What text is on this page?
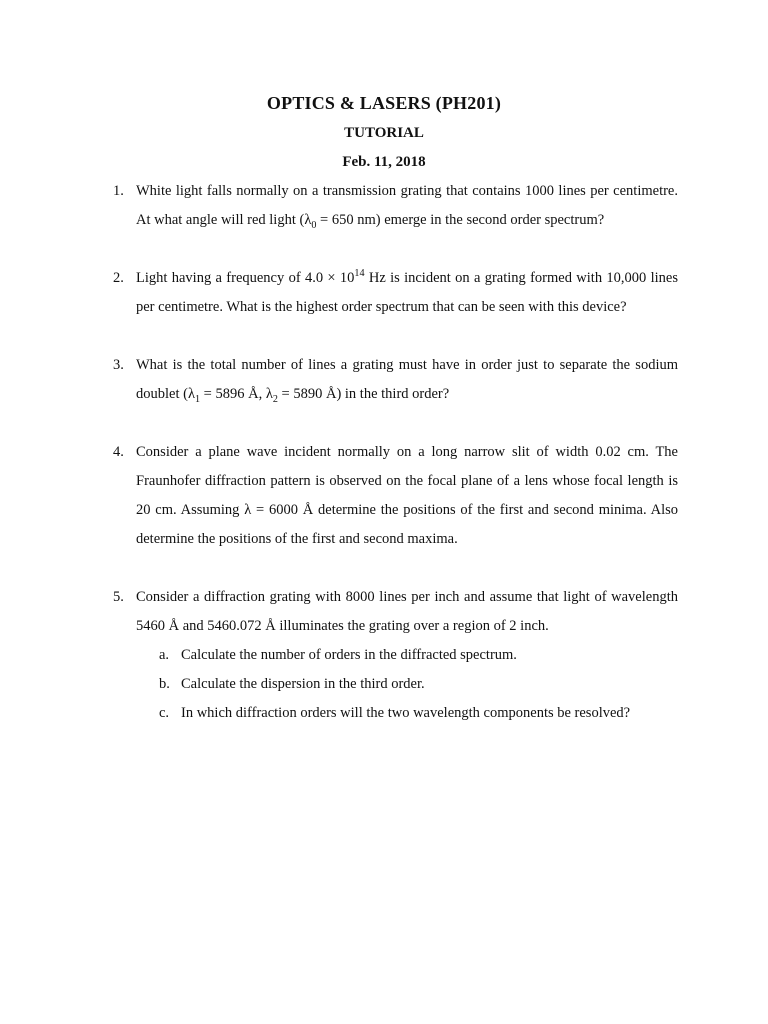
OPTICS & LASERS (PH201)
TUTORIAL
Feb. 11, 2018
1. White light falls normally on a transmission grating that contains 1000 lines per centimetre. At what angle will red light ($\lambda_0 = 650$ nm) emerge in the second order spectrum?
2. Light having a frequency of $4.0 \times 10^{14}$ Hz is incident on a grating formed with 10,000 lines per centimetre. What is the highest order spectrum that can be seen with this device?
3. What is the total number of lines a grating must have in order just to separate the sodium doublet ($\lambda_1 = 5896$ Å, $\lambda_2 = 5890$ Å) in the third order?
4. Consider a plane wave incident normally on a long narrow slit of width 0.02 cm. The Fraunhofer diffraction pattern is observed on the focal plane of a lens whose focal length is 20 cm. Assuming λ = 6000 Å determine the positions of the first and second minima. Also determine the positions of the first and second maxima.
5. Consider a diffraction grating with 8000 lines per inch and assume that light of wavelength 5460 Å and 5460.072 Å illuminates the grating over a region of 2 inch.
a. Calculate the number of orders in the diffracted spectrum.
b. Calculate the dispersion in the third order.
c. In which diffraction orders will the two wavelength components be resolved?
